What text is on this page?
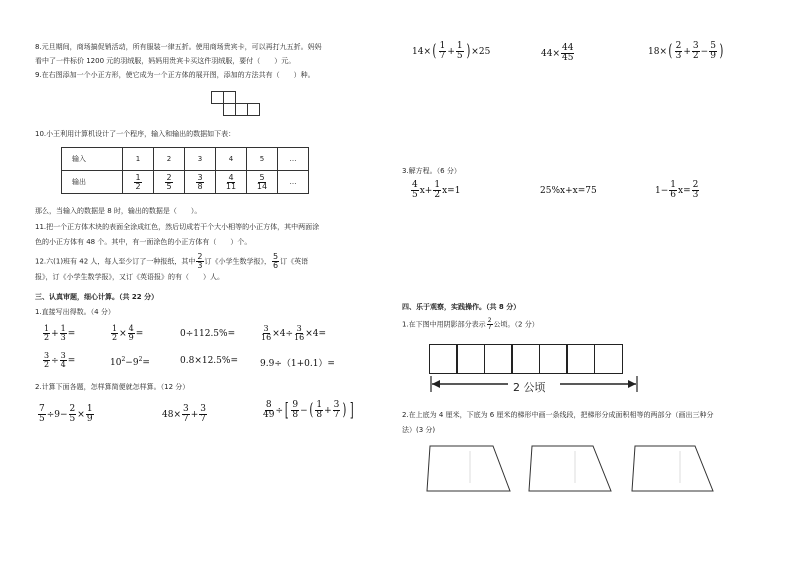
8.元旦期间，商场搞促销活动，所有服装一律五折。使用商场贵宾卡，可以再打九五折。妈妈
看中了一件标价 1200 元的羽绒服，妈妈用贵宾卡买这件羽绒服，要付（　　）元。
9.在右图添加一个小正方形，使它成为一个正方体的展开图，添加的方法共有（　　）种。
10.小王利用计算机设计了一个程序，输入和输出的数据如下表：
输入	1	2	3	4	5	…
输出	$\frac{1}{2}$	$\frac{2}{5}$	$\frac{3}{8}$	$\frac{4}{11}$	$\frac{5}{14}$	…
那么，当输入的数据是 8 时，输出的数据是（　　）。
11.把一个正方体木块的表面全涂成红色，然后切成若干个大小相等的小正方体，其中两面涂
色的小正方体有 48 个。其中，有一面涂色的小正方体有（　　）个。
12.六(1)班有 42 人，每人至少订了一种报纸，其中 $\frac{2}{3}$ 订《小学生数学报》， $\frac{5}{6}$ 订《英语
报》，订《小学生数学报》，又订《英语报》的有（　　）人。
三、认真审题，细心计算。（共 22 分）
1.直接写出得数。（4 分）
$\frac{1}{2} + \frac{1}{3}$ =	$\frac{1}{2} \times \frac{4}{9}$ =	0÷112.5%=	$\frac{3}{16} \times 4\div \frac{3}{16} \times 4=$
$\frac{3}{2} \div \frac{3}{4}$ =	$10^2-9^2=$	0.8×12.5%= 9.9÷（1+0.1）=
2.计算下面各题，怎样算简便就怎样算。（12 分）
$\frac{7}{5} \div 9- \frac{2}{5} \times \frac{1}{9}$	$48\times \frac{3}{7} + \frac{3}{7}$	$\frac{8}{49}$ ÷[ $\frac{9}{8}$ −( $\frac{1}{8} + \frac{3}{7}$ ) ]
$14\times( \frac{1}{7} + \frac{1}{5} )\times 25$	$44\times \frac{44}{45}$	$18\times( \frac{2}{3} + \frac{3}{2} - \frac{5}{9}$ )
3.解方程。（6 分）
$\frac{4}{5} x+ \frac{1}{2} x=1$	25%x+x=75	$1- \frac{1}{6} x= \frac{2}{3}$
四、乐于观察，实践操作。（共 8 分）
1.在下图中用阴影部分表示 $\frac{2}{7}$ 公顷。（2 分）
2 公顷
2.在上底为 4 厘米，下底为 6 厘米的梯形中画一条线段，把梯形分成面积相等的两部分（画出三种分
法）(3 分)
